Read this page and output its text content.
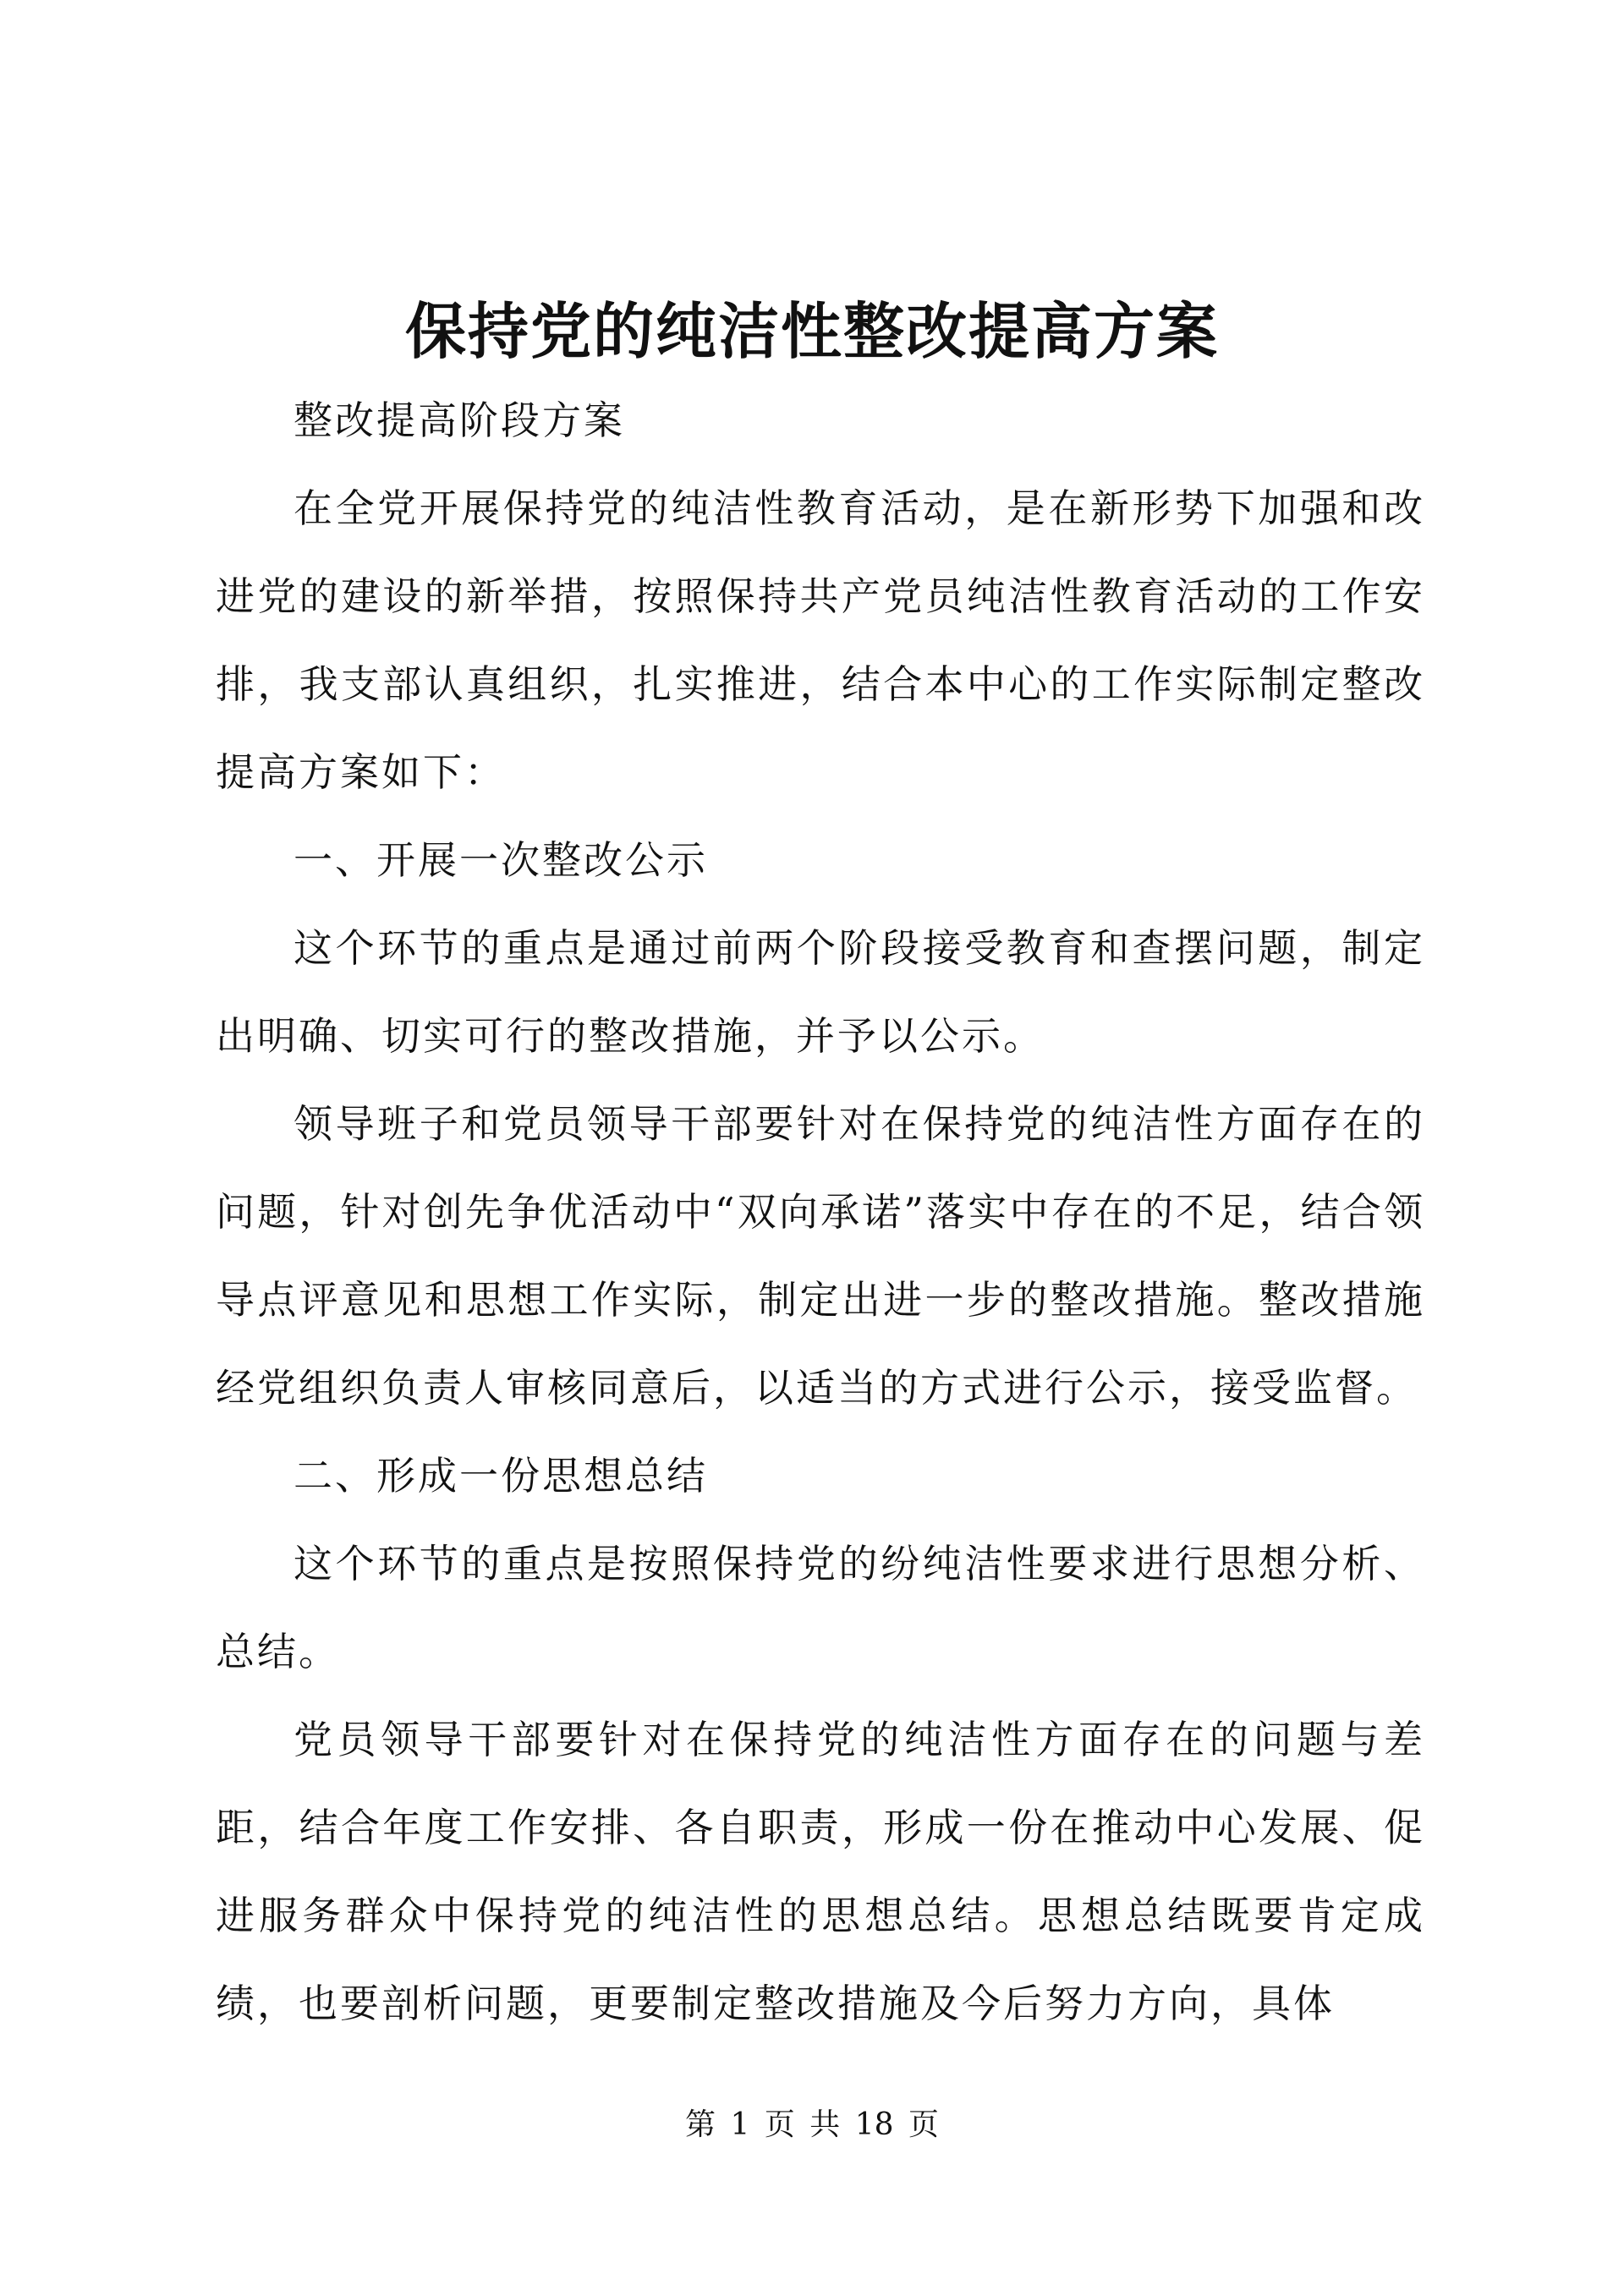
保持党的纯洁性整改提高方案

整改提高阶段方案

在全党开展保持党的纯洁性教育活动，是在新形势下加强和改进党的建设的新举措，按照保持共产党员纯洁性教育活动的工作安排，我支部认真组织，扎实推进，结合本中心的工作实际制定整改提高方案如下：

一、开展一次整改公示

这个环节的重点是通过前两个阶段接受教育和查摆问题，制定出明确、切实可行的整改措施，并予以公示。

领导班子和党员领导干部要针对在保持党的纯洁性方面存在的问题，针对创先争优活动中“双向承诺”落实中存在的不足，结合领导点评意见和思想工作实际，制定出进一步的整改措施。整改措施经党组织负责人审核同意后，以适当的方式进行公示，接受监督。

二、形成一份思想总结

这个环节的重点是按照保持党的纷纯洁性要求进行思想分析、总结。

党员领导干部要针对在保持党的纯洁性方面存在的问题与差距，结合年度工作安排、各自职责，形成一份在推动中心发展、促进服务群众中保持党的纯洁性的思想总结。思想总结既要肯定成绩，也要剖析问题，更要制定整改措施及今后努力方向，具体

第 1 页 共 18 页
